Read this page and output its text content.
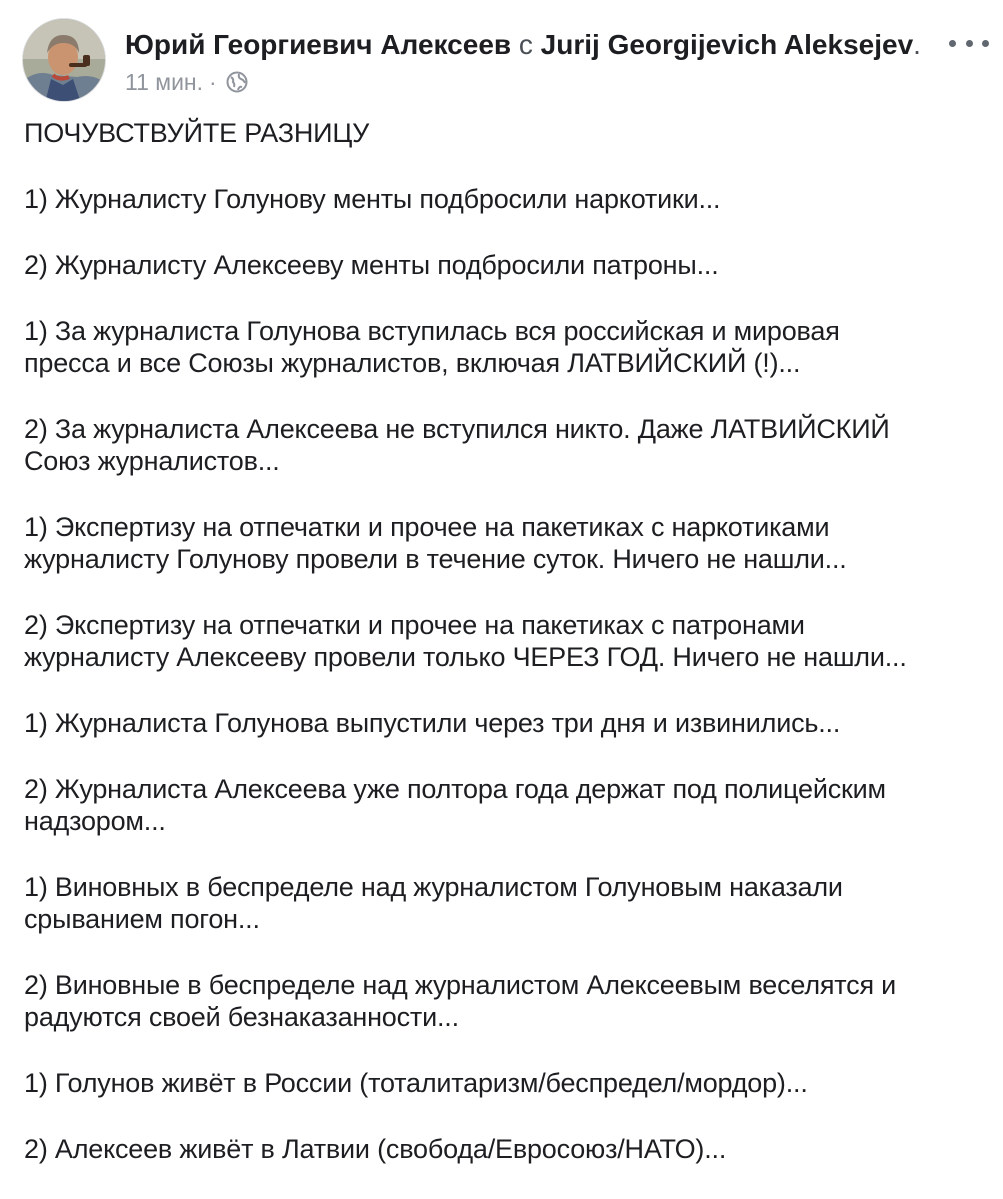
Юрий Георгиевич Алексеев с Jurij Georgijevich Aleksejev.
11 мин. ·

ПОЧУВСТВУЙТЕ РАЗНИЦУ

1) Журналисту Голунову менты подбросили наркотики...

2) Журналисту Алексееву менты подбросили патроны...

1) За журналиста Голунова вступилась вся российская и мировая
пресса и все Союзы журналистов, включая ЛАТВИЙСКИЙ (!)...

2) За журналиста Алексеева не вступился никто. Даже ЛАТВИЙСКИЙ
Союз журналистов...

1) Экспертизу на отпечатки и прочее на пакетиках с наркотиками
журналисту Голунову провели в течение суток. Ничего не нашли...

2) Экспертизу на отпечатки и прочее на пакетиках с патронами
журналисту Алексееву провели только ЧЕРЕЗ ГОД. Ничего не нашли...

1) Журналиста Голунова выпустили через три дня и извинились...

2) Журналиста Алексеева уже полтора года держат под полицейским
надзором...

1) Виновных в беспределе над журналистом Голуновым наказали
срыванием погон...

2) Виновные в беспределе над журналистом Алексеевым веселятся и
радуются своей безнаказанности...

1) Голунов живёт в России (тоталитаризм/беспредел/мордор)...

2) Алексеев живёт в Латвии (свобода/Евросоюз/НАТО)...
